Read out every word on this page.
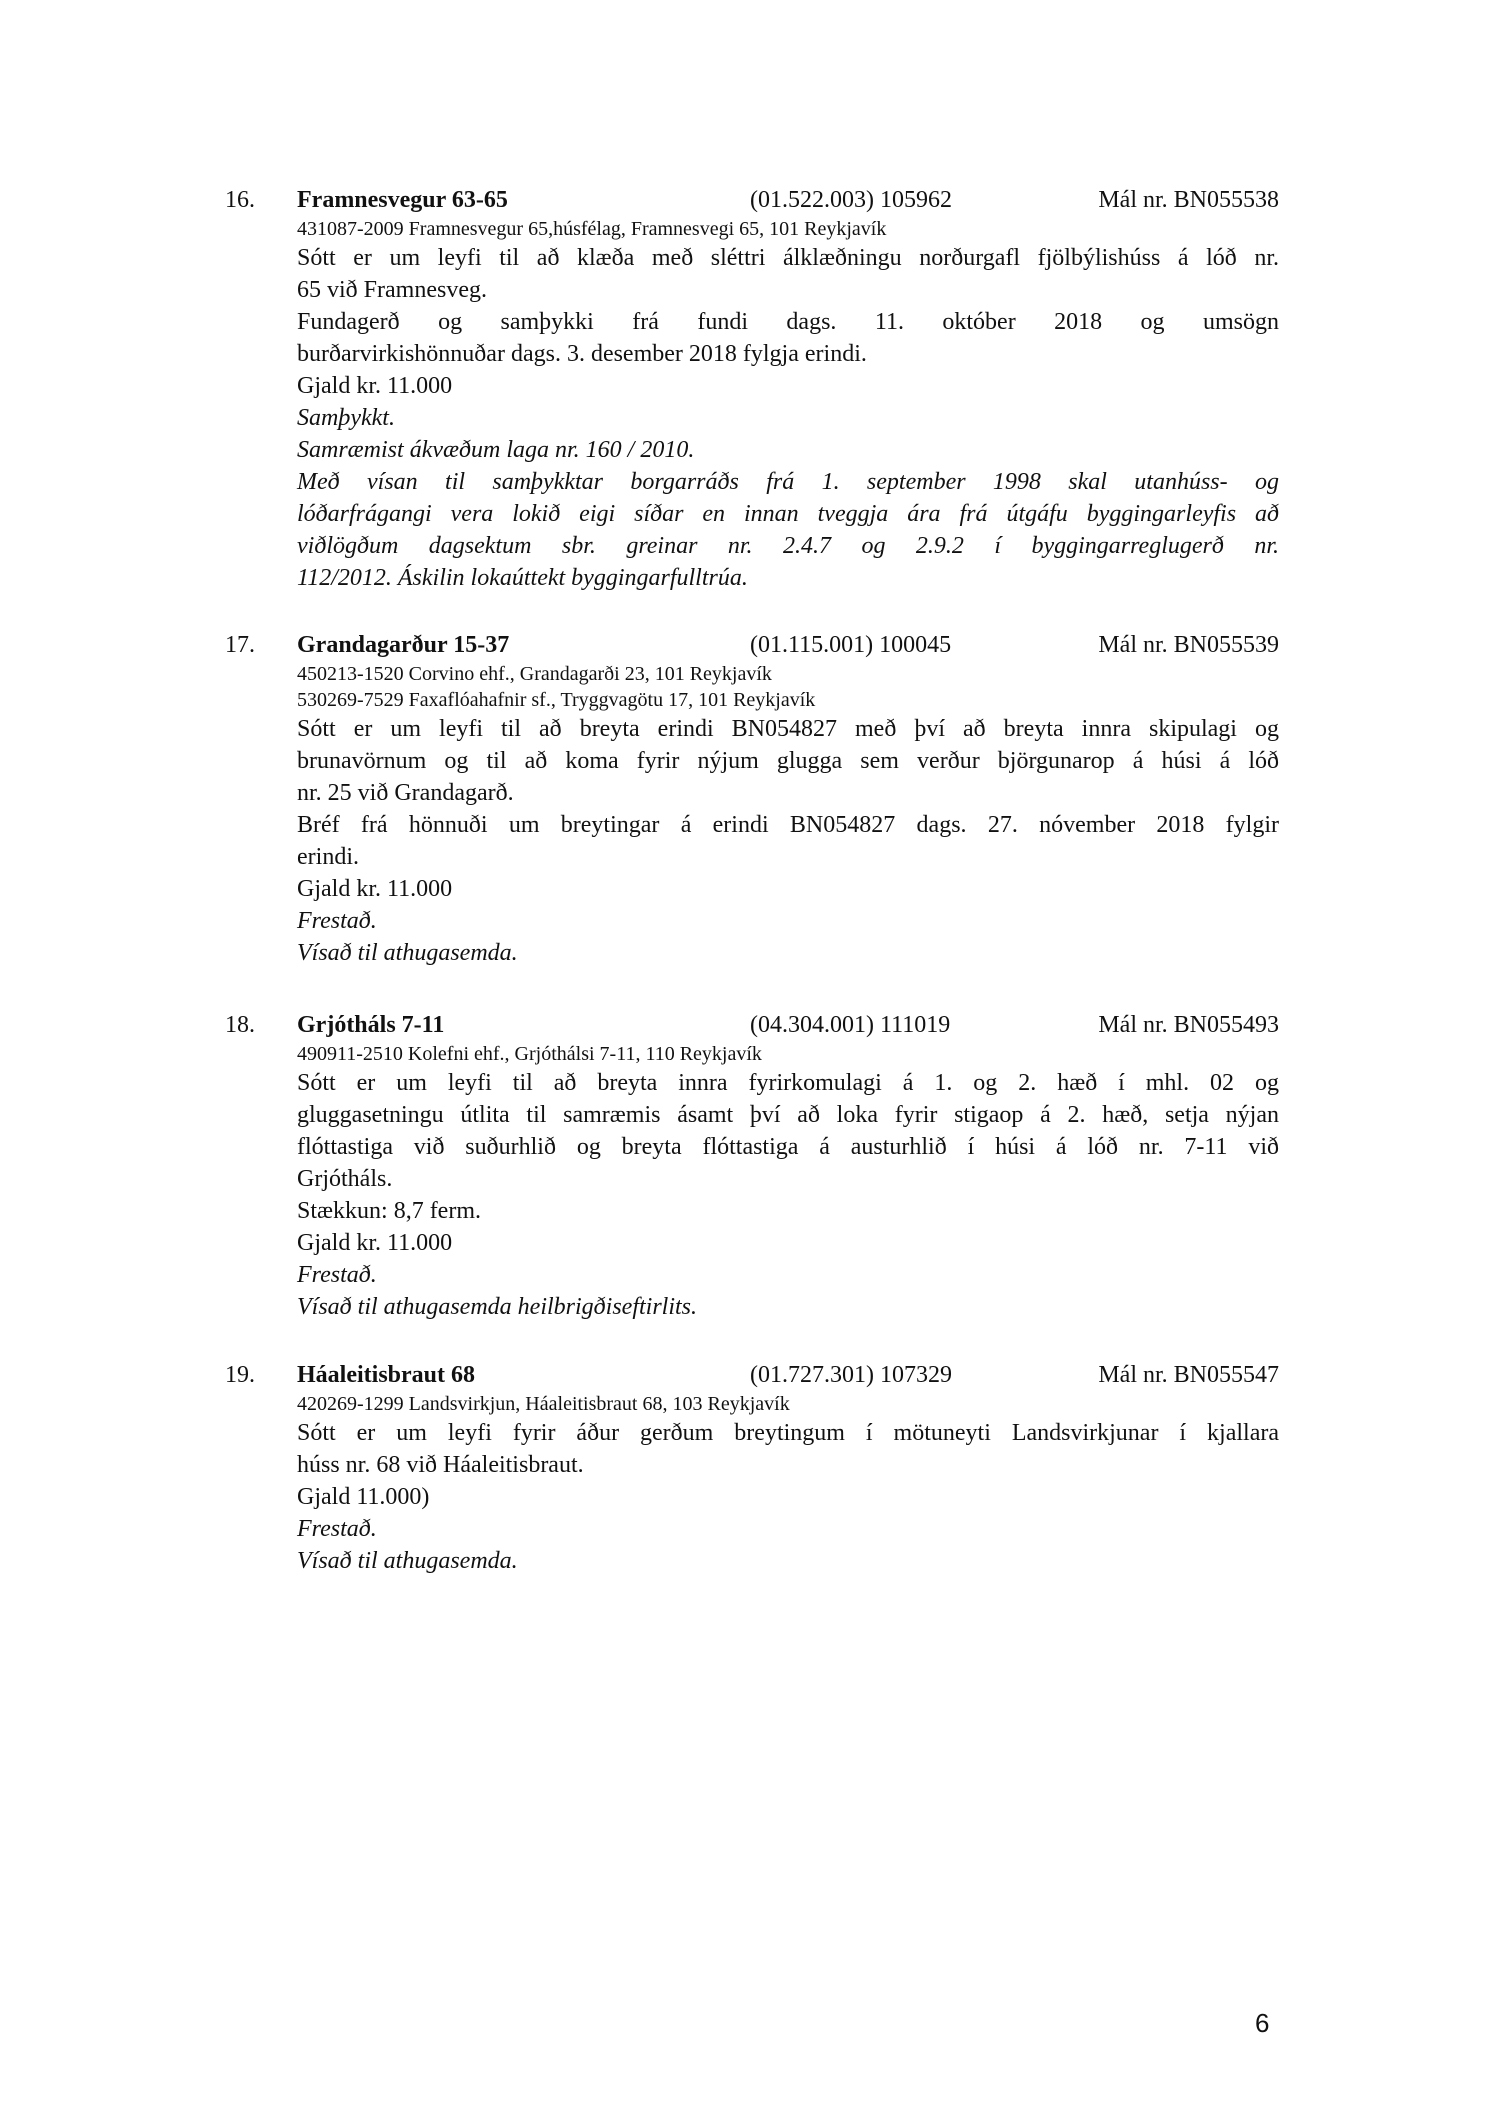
16. Framnesvegur 63-65	(01.522.003) 105962	Mál nr. BN055538
431087-2009 Framnesvegur 65,húsfélag, Framnesvegi 65, 101 Reykjavík
Sótt er um leyfi til að klæða með sléttri álklæðningu norðurgafl fjölbýlishúss á lóð nr.
65 við Framnesveg.
Fundagerð og samþykki frá fundi dags. 11. október 2018 og umsögn
burðarvirkishönnuðar dags. 3. desember 2018 fylgja erindi.
Gjald kr. 11.000
Samþykkt.
Samræmist ákvæðum laga nr. 160 / 2010.
Með vísan til samþykktar borgarráðs frá 1. september 1998 skal utanhúss- og
lóðarfrágangi vera lokið eigi síðar en innan tveggja ára frá útgáfu byggingarleyfis að
viðlögðum dagsektum sbr. greinar nr. 2.4.7 og 2.9.2 í byggingarreglugerð nr.
112/2012. Áskilin lokaúttekt byggingarfulltrúa.
17. Grandagarður 15-37	(01.115.001) 100045	Mál nr. BN055539
450213-1520 Corvino ehf., Grandagarði 23, 101 Reykjavík
530269-7529 Faxaflóahafnir sf., Tryggvagötu 17, 101 Reykjavík
Sótt er um leyfi til að breyta erindi BN054827 með því að breyta innra skipulagi og
brunavörnum og til að koma fyrir nýjum glugga sem verður björgunarop á húsi á lóð
nr. 25 við Grandagarð.
Bréf frá hönnuði um breytingar á erindi BN054827 dags. 27. nóvember 2018 fylgir
erindi.
Gjald kr. 11.000
Frestað.
Vísað til athugasemda.
18. Grjótháls 7-11	(04.304.001) 111019	Mál nr. BN055493
490911-2510 Kolefni ehf., Grjóthálsi 7-11, 110 Reykjavík
Sótt er um leyfi til að breyta innra fyrirkomulagi á 1. og 2. hæð í mhl. 02 og
gluggasetningu útlita til samræmis ásamt því að loka fyrir stigaop á 2. hæð, setja nýjan
flóttastiga við suðurhlið og breyta flóttastiga á austurhlið í húsi á lóð nr. 7-11 við
Grjótháls.
Stækkun: 8,7 ferm.
Gjald kr. 11.000
Frestað.
Vísað til athugasemda heilbrigðiseftirlits.
19. Háaleitisbraut 68	(01.727.301) 107329	Mál nr. BN055547
420269-1299 Landsvirkjun, Háaleitisbraut 68, 103 Reykjavík
Sótt er um leyfi fyrir áður gerðum breytingum í mötuneyti Landsvirkjunar í kjallara
húss nr. 68 við Háaleitisbraut.
Gjald 11.000)
Frestað.
Vísað til athugasemda.
6
